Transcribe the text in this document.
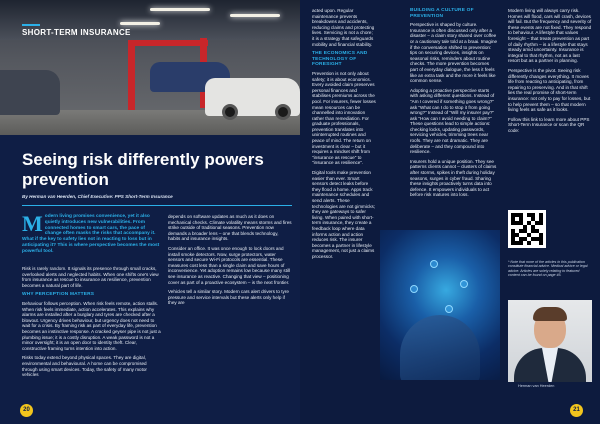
SHORT-TERM INSURANCE
Seeing risk differently powers prevention
By Herman van Heerden, Chief Executive: PPS Short-Term Insurance
M odern living promises convenience, yet it also quietly introduces new vulnerabilities. From connected homes to smart cars, the pace of change often masks the risks that accompany it. What if the key to safety lies not in reacting to loss but in anticipating it? This is where perspective becomes the most powerful tool.

Risk is rarely random. It signals its presence through small cracks, overlooked alerts and neglected habits. When one shifts one's view from insurance as rescue to insurance as resilience, prevention becomes a natural part of life.

WHY PERCEPTION MATTERS

Behaviour follows perception. When risk feels remote, action stalls. When risk feels immediate, action accelerates. This explains why alarms are installed after a burglary and tyres are checked after a blowout. Urgency drives behaviour, but urgency does not need to wait for a crisis. By framing risk as part of everyday life, prevention becomes an instinctive response. A cracked geyser pipe is not just a plumbing issue; it is a costly disruption. A weak password is not a minor oversight; it is an open door to identity theft. Clear, constructive framing turns intention into action.

Risks today extend beyond physical spaces. They are digital, environmental and behavioural. A home can be compromised through using smart devices. Today, the safety of many motor vehicles

depends on software updates as much as it does on mechanical checks. Climate volatility means storms and fires strike outside of traditional seasons. Prevention now demands a broader lens – one that blends technology, habits and insurance insights.

Consider an office. It was once enough to lock doors and install smoke detectors. Now, surge protectors, water sensors and secure Wi-Fi protocols are essential. These measures cost less than a single claim and save hours of inconvenience. Yet adoption remains low because many still see insurance as reactive. Changing that view – positioning cover as part of a proactive ecosystem – is the next frontier.

Vehicles tell a similar story. Modern cars alert drivers to tyre pressure and service intervals but these alerts only help if they are

20

acted upon. Regular maintenance prevents breakdowns and accidents, reducing claims and protecting lives. Servicing is not a chore; it is a strategy that safeguards mobility and financial stability.

THE ECONOMICS AND TECHNOLOGY OF FORESIGHT

Prevention is not only about safety; it is about economics. Every avoided claim preserves personal finances and stabilises premiums across the pool. For insurers, fewer losses mean resources can be channelled into innovation rather than remediation. For graduate professionals, prevention translates into uninterrupted routines and peace of mind. The return on investment is clear – but it requires a mindset shift from "insurance as rescue" to "insurance as resilience".

Digital tools make prevention easier than ever. Smart sensors detect leaks before they flood a home. Apps track maintenance schedules and send alerts. These technologies are not gimmicks; they are gateways to safer living. When paired with short-term insurance, they create a feedback loop where data informs action and action reduces risk. The insurer becomes a partner in lifestyle management, not just a claims processor.

BUILDING A CULTURE OF PREVENTION

Perspective is shaped by culture. Insurance is often discussed only after a disaster – a claim story shared over coffee or a cautionary tale told at a braai. Imagine if the conversation shifted to prevention: tips on securing devices, insights on seasonal risks, reminders about routine checks. The more prevention becomes part of everyday dialogue, the less it feels like an extra task and the more it feels like common sense.

Adopting a proactive perspective starts with asking different questions. Instead of "Am I covered if something goes wrong?" ask "What can I do to stop it from going wrong?" Instead of "Will my insurer pay?" ask "How can I avoid needing to claim?" These questions lead to simple actions: checking locks, updating passwords, servicing vehicles, trimming trees near roofs. They are not dramatic. They are deliberate – and they compound into resilience.

Insurers hold a unique position. They see patterns clients cannot – clusters of claims after storms, spikes in theft during holiday seasons, surges in cyber fraud. Sharing these insights proactively turns data into defence. It empowers individuals to act before risk matures into loss.

Modern living will always carry risk. Homes will flood, cars will crash, devices will fail. But the frequency and severity of these events are not fixed. They respond to behaviour. A lifestyle that values foresight – that treats prevention as part of daily rhythm – is a lifestyle that stays steady amid uncertainty. Insurance is integral to that rhythm, not as a last resort but as a partner in planning.

Perspective is the pivot. Seeing risk differently changes everything. It moves life from reacting to anticipating, from repairing to preserving. And in that shift lies the real promise of short-term insurance: not only to pay for losses, but to help prevent them – so that modern living feels as safe as it looks.

Follow this link to learn more about PPS Short-Term Insurance or scan the QR code:

* Note that none of the articles in this publication constitute financial advice. Medical advice or legal advice. Articles are solely relating to featured content can be found on page 46.
Herman van Heerden
21
